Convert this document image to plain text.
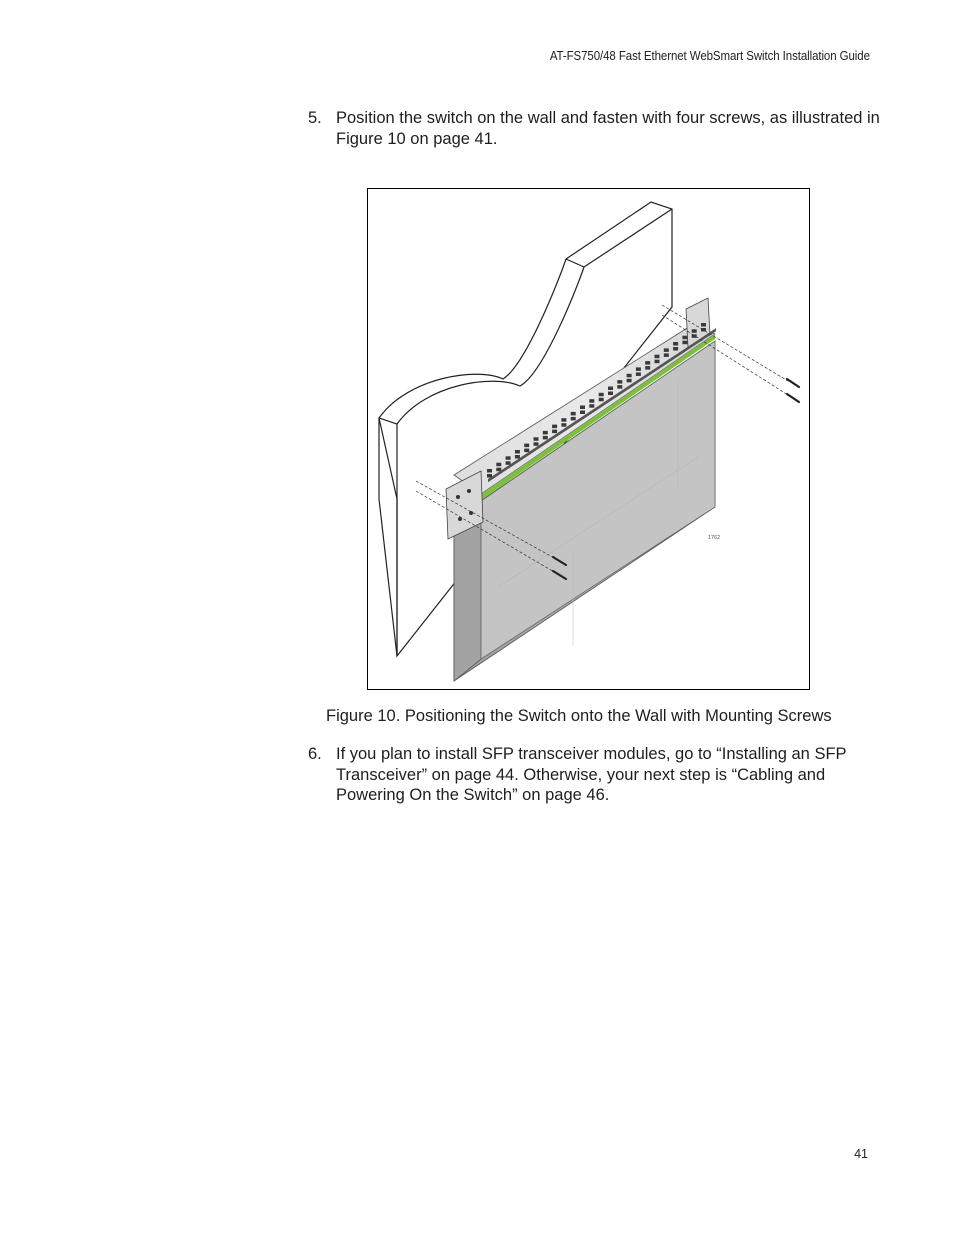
AT-FS750/48 Fast Ethernet WebSmart Switch Installation Guide
5. Position the switch on the wall and fasten with four screws, as illustrated in Figure 10 on page 41.
1762
Figure 10. Positioning the Switch onto the Wall with Mounting Screws
6. If you plan to install SFP transceiver modules, go to “Installing an SFP Transceiver” on page 44. Otherwise, your next step is “Cabling and Powering On the Switch” on page 46.
41
